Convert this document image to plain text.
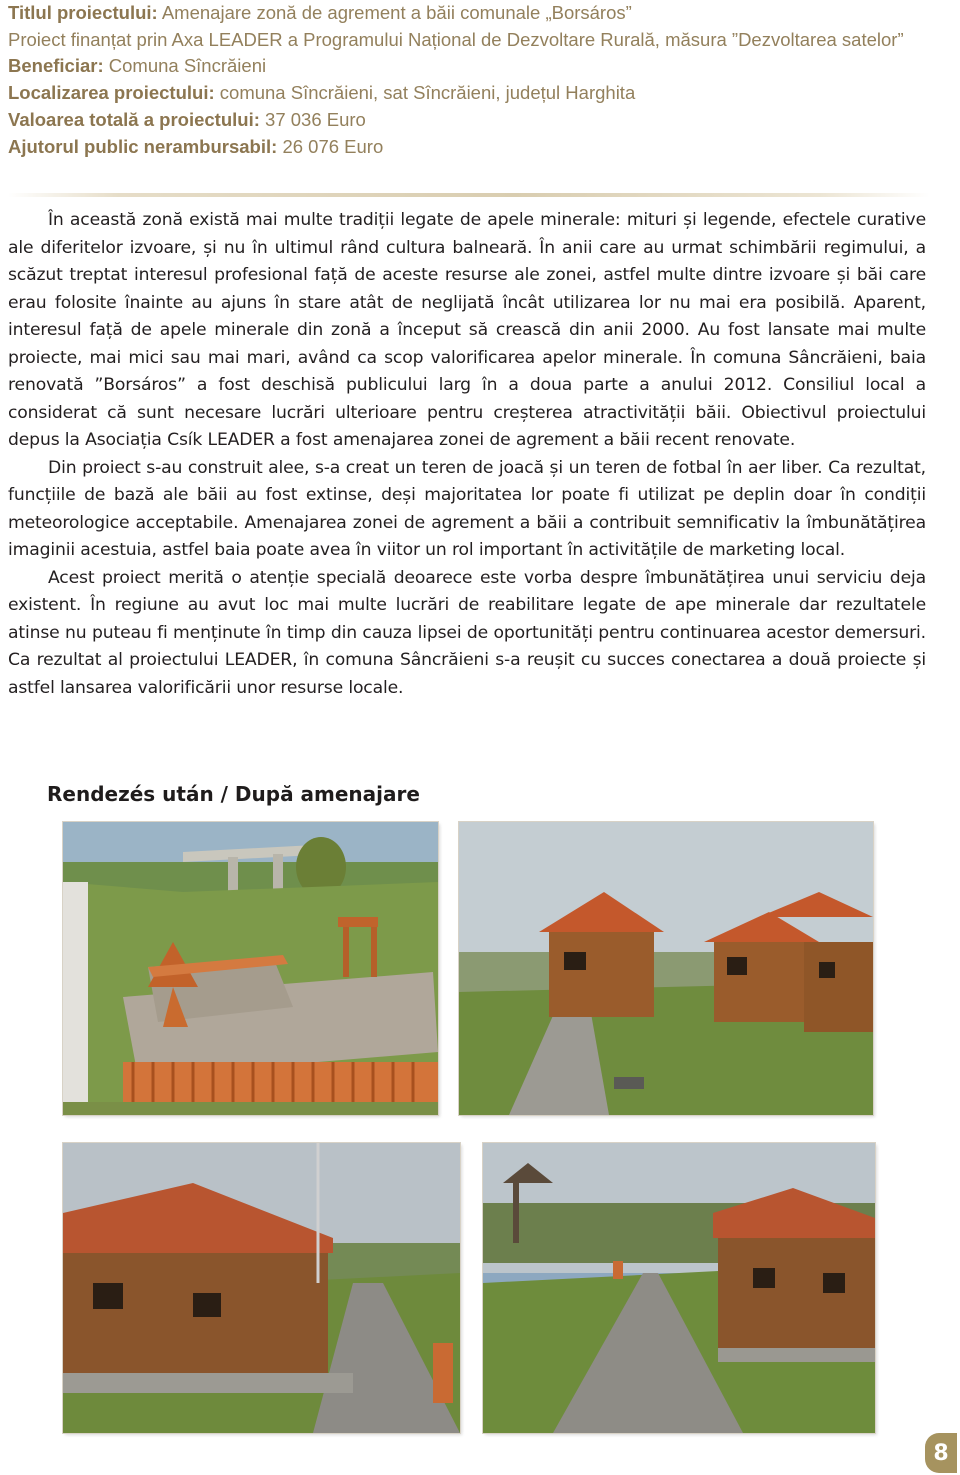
Titlul proiectului: Amenajare zonă de agrement a băii comunale „Borsáros”
Proiect finanțat prin Axa LEADER a Programului Național de Dezvoltare Rurală, măsura ”Dezvoltarea satelor”
Beneficiar: Comuna Sîncrăieni
Localizarea proiectului: comuna Sîncrăieni, sat Sîncrăieni, județul Harghita
Valoarea totală a proiectului: 37 036 Euro
Ajutorul public nerambursabil: 26 076 Euro

În această zonă există mai multe tradiții legate de apele minerale: mituri și legende, efectele curative ale diferitelor izvoare, și nu în ultimul rând cultura balneară. În anii care au urmat schimbării regimului, a scăzut treptat interesul profesional față de aceste resurse ale zonei, astfel multe dintre izvoare și băi care erau folosite înainte au ajuns în stare atât de neglijată încât utilizarea lor nu mai era posibilă. Aparent, interesul față de apele minerale din zonă a început să crească din anii 2000. Au fost lansate mai multe proiecte, mai mici sau mai mari, având ca scop valorificarea apelor minerale. În comuna Sâncrăieni, baia renovată ”Borsáros” a fost deschisă publicului larg în a doua parte a anului 2012. Consiliul local a considerat că sunt necesare lucrări ulterioare pentru creșterea atractivității băii. Obiectivul proiectului depus la Asociația Csík LEADER a fost amenajarea zonei de agrement a băii recent renovate.

Din proiect s-au construit alee, s-a creat un teren de joacă și un teren de fotbal în aer liber. Ca rezultat, funcțiile de bază ale băii au fost extinse, deși majoritatea lor poate fi utilizat pe deplin doar în condiții meteorologice acceptabile. Amenajarea zonei de agrement a băii a contribuit semnificativ la îmbunătățirea imaginii acestuia, astfel baia poate avea în viitor un rol important în activitățile de marketing local.

Acest proiect merită o atenție specială deoarece este vorba despre îmbunătățirea unui serviciu deja existent. În regiune au avut loc mai multe lucrări de reabilitare legate de ape minerale dar rezultatele atinse nu puteau fi menținute în timp din cauza lipsei de oportunități pentru continuarea acestor demersuri. Ca rezultat al proiectului LEADER, în comuna Sâncrăieni s-a reușit cu succes conectarea a două proiecte și astfel lansarea valorificării unor resurse locale.

Rendezés után / După amenajare
8
